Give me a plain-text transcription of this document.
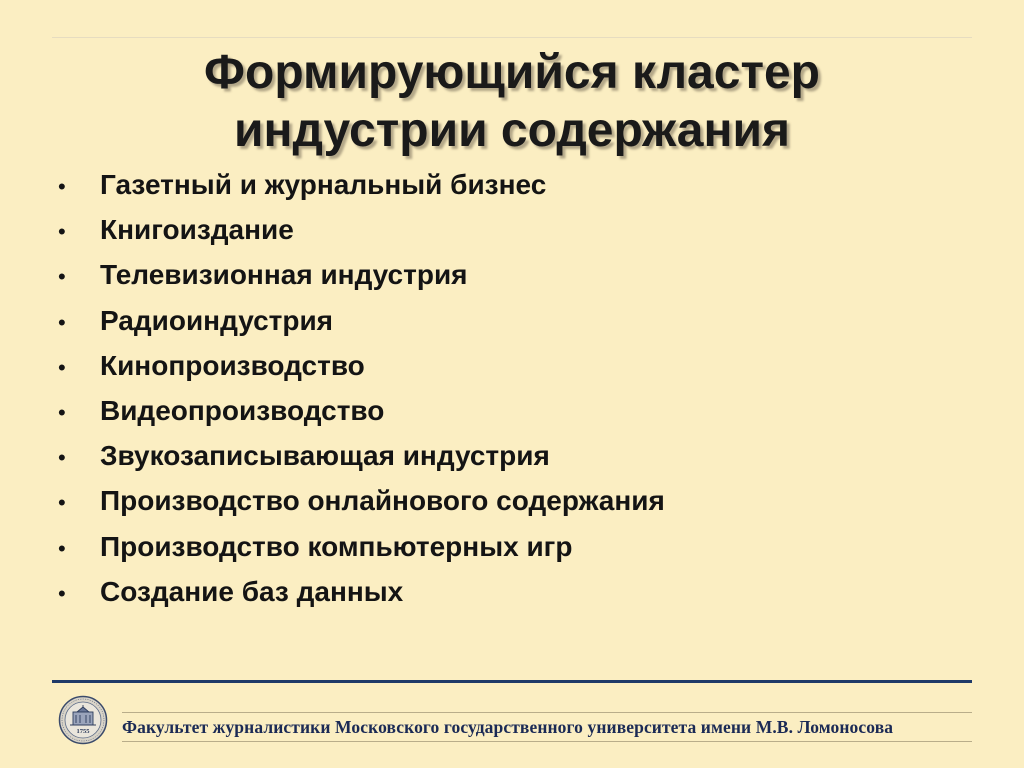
Формирующийся кластер
индустрии содержания
• Газетный и журнальный бизнес
• Книгоиздание
• Телевизионная индустрия
• Радиоиндустрия
• Кинопроизводство
• Видеопроизводство
• Звукозаписывающая индустрия
• Производство онлайнового содержания
• Производство компьютерных игр
• Создание баз данных
1755 Факультет журналистики Московского государственного университета имени М.В. Ломоносова
